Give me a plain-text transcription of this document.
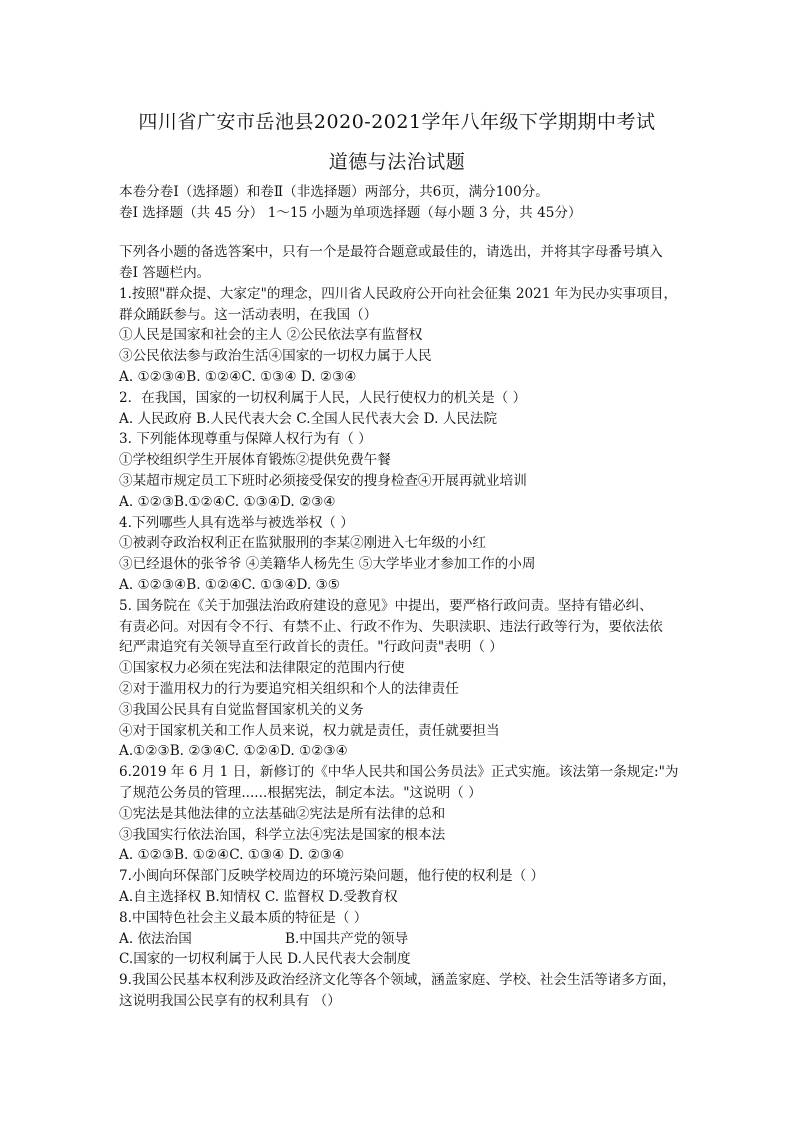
四川省广安市岳池县2020-2021学年八年级下学期期中考试
道德与法治试题
本卷分卷Ⅰ（选择题）和卷Ⅱ（非选择题）两部分，共6页，满分100分。
卷Ⅰ 选择题（共 45 分） 1～15 小题为单项选择题（每小题 3 分，共 45分）
下列各小题的备选答案中，只有一个是最符合题意或最佳的，请选出，并将其字母番号填入
卷Ⅰ 答题栏内。
1.按照"群众提、大家定"的理念，四川省人民政府公开向社会征集 2021 年为民办实事项目，
群众踊跃参与。这一活动表明，在我国（）
①人民是国家和社会的主人 ②公民依法享有监督权
③公民依法参与政治生活④国家的一切权力属于人民
A. ①②③④B. ①②④C. ①③④ D. ②③④
2．在我国，国家的一切权利属于人民，人民行使权力的机关是（ ）
A. 人民政府 B.人民代表大会 C.全国人民代表大会 D. 人民法院
3. 下列能体现尊重与保障人权行为有（ ）
①学校组织学生开展体育锻炼②提供免费午餐
③某超市规定员工下班时必须接受保安的搜身检查④开展再就业培训
A. ①②③B.①②④C. ①③④D. ②③④
4.下列哪些人具有选举与被选举权（ ）
①被剥夺政治权利正在监狱服刑的李某②刚进入七年级的小红
③已经退休的张爷爷 ④美籍华人杨先生 ⑤大学毕业才参加工作的小周
A. ①②③④B. ①②④C. ①③④D. ③⑤
5. 国务院在《关于加强法治政府建设的意见》中提出，要严格行政问责。坚持有错必纠、
有责必问。对因有令不行、有禁不止、行政不作为、失职渎职、违法行政等行为，要依法依
纪严肃追究有关领导直至行政首长的责任。"行政问责"表明（ ）
①国家权力必须在宪法和法律限定的范围内行使
②对于滥用权力的行为要追究相关组织和个人的法律责任
③我国公民具有自觉监督国家机关的义务
④对于国家机关和工作人员来说，权力就是责任，责任就要担当
A.①②③B. ②③④C. ①②④D. ①②③④
6.2019 年 6 月 1 日，新修订的《中华人民共和国公务员法》正式实施。该法第一条规定:"为
了规范公务员的管理......根据宪法，制定本法。"这说明（ ）
①宪法是其他法律的立法基础②宪法是所有法律的总和
③我国实行依法治国，科学立法④宪法是国家的根本法
A. ①②③B. ①②④C. ①③④ D. ②③④
7.小闽向环保部门反映学校周边的环境污染问题，他行使的权利是（ ）
A.自主选择权 B.知情权 C. 监督权 D.受教育权
8.中国特色社会主义最本质的特征是（ ）
A. 依法治国	B.中国共产党的领导
C.国家的一切权利属于人民 D.人民代表大会制度
9.我国公民基本权利涉及政治经济文化等各个领域，涵盖家庭、学校、社会生活等诸多方面，
这说明我国公民享有的权利具有 （）
